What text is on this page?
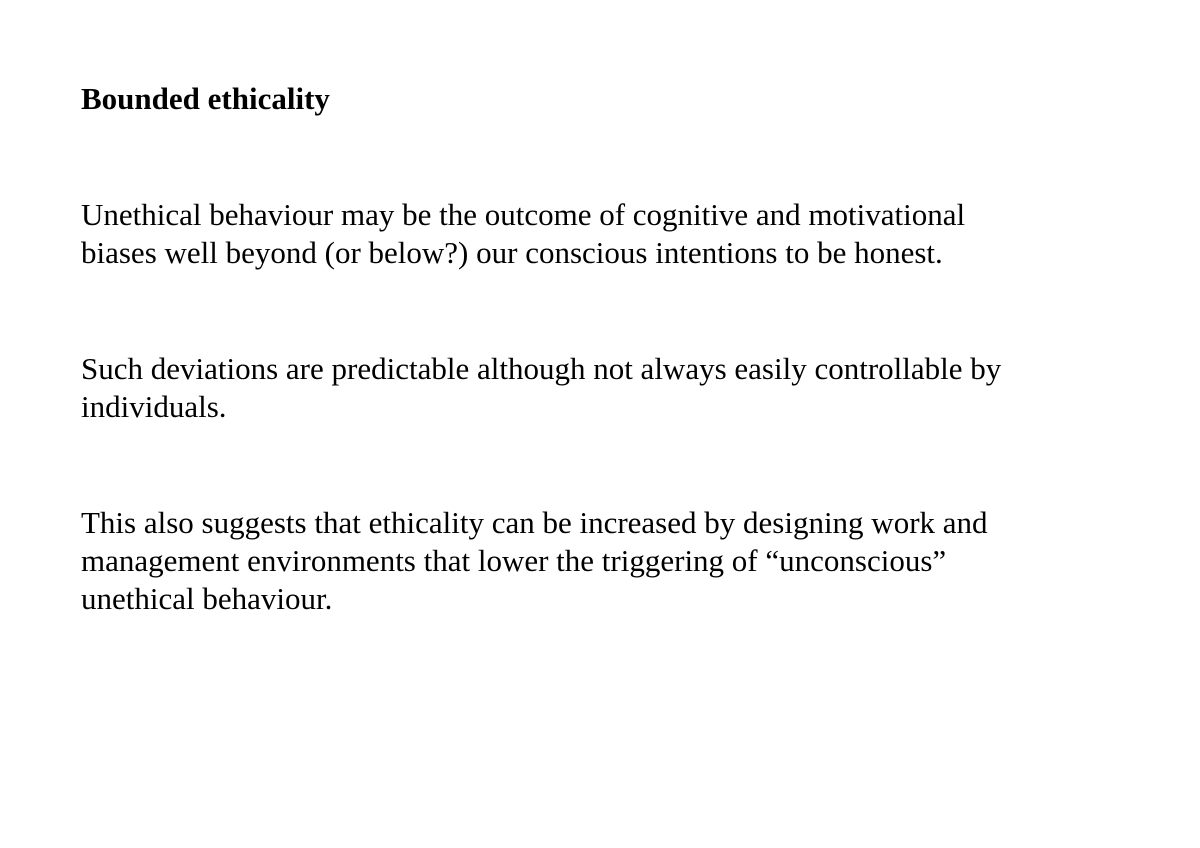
Bounded ethicality

Unethical behaviour may be the outcome of cognitive and motivational
biases well beyond (or below?) our conscious intentions to be honest.

Such deviations are predictable although not always easily controllable by
individuals.

This also suggests that ethicality can be increased by designing work and
management environments that lower the triggering of “unconscious”
unethical behaviour.
